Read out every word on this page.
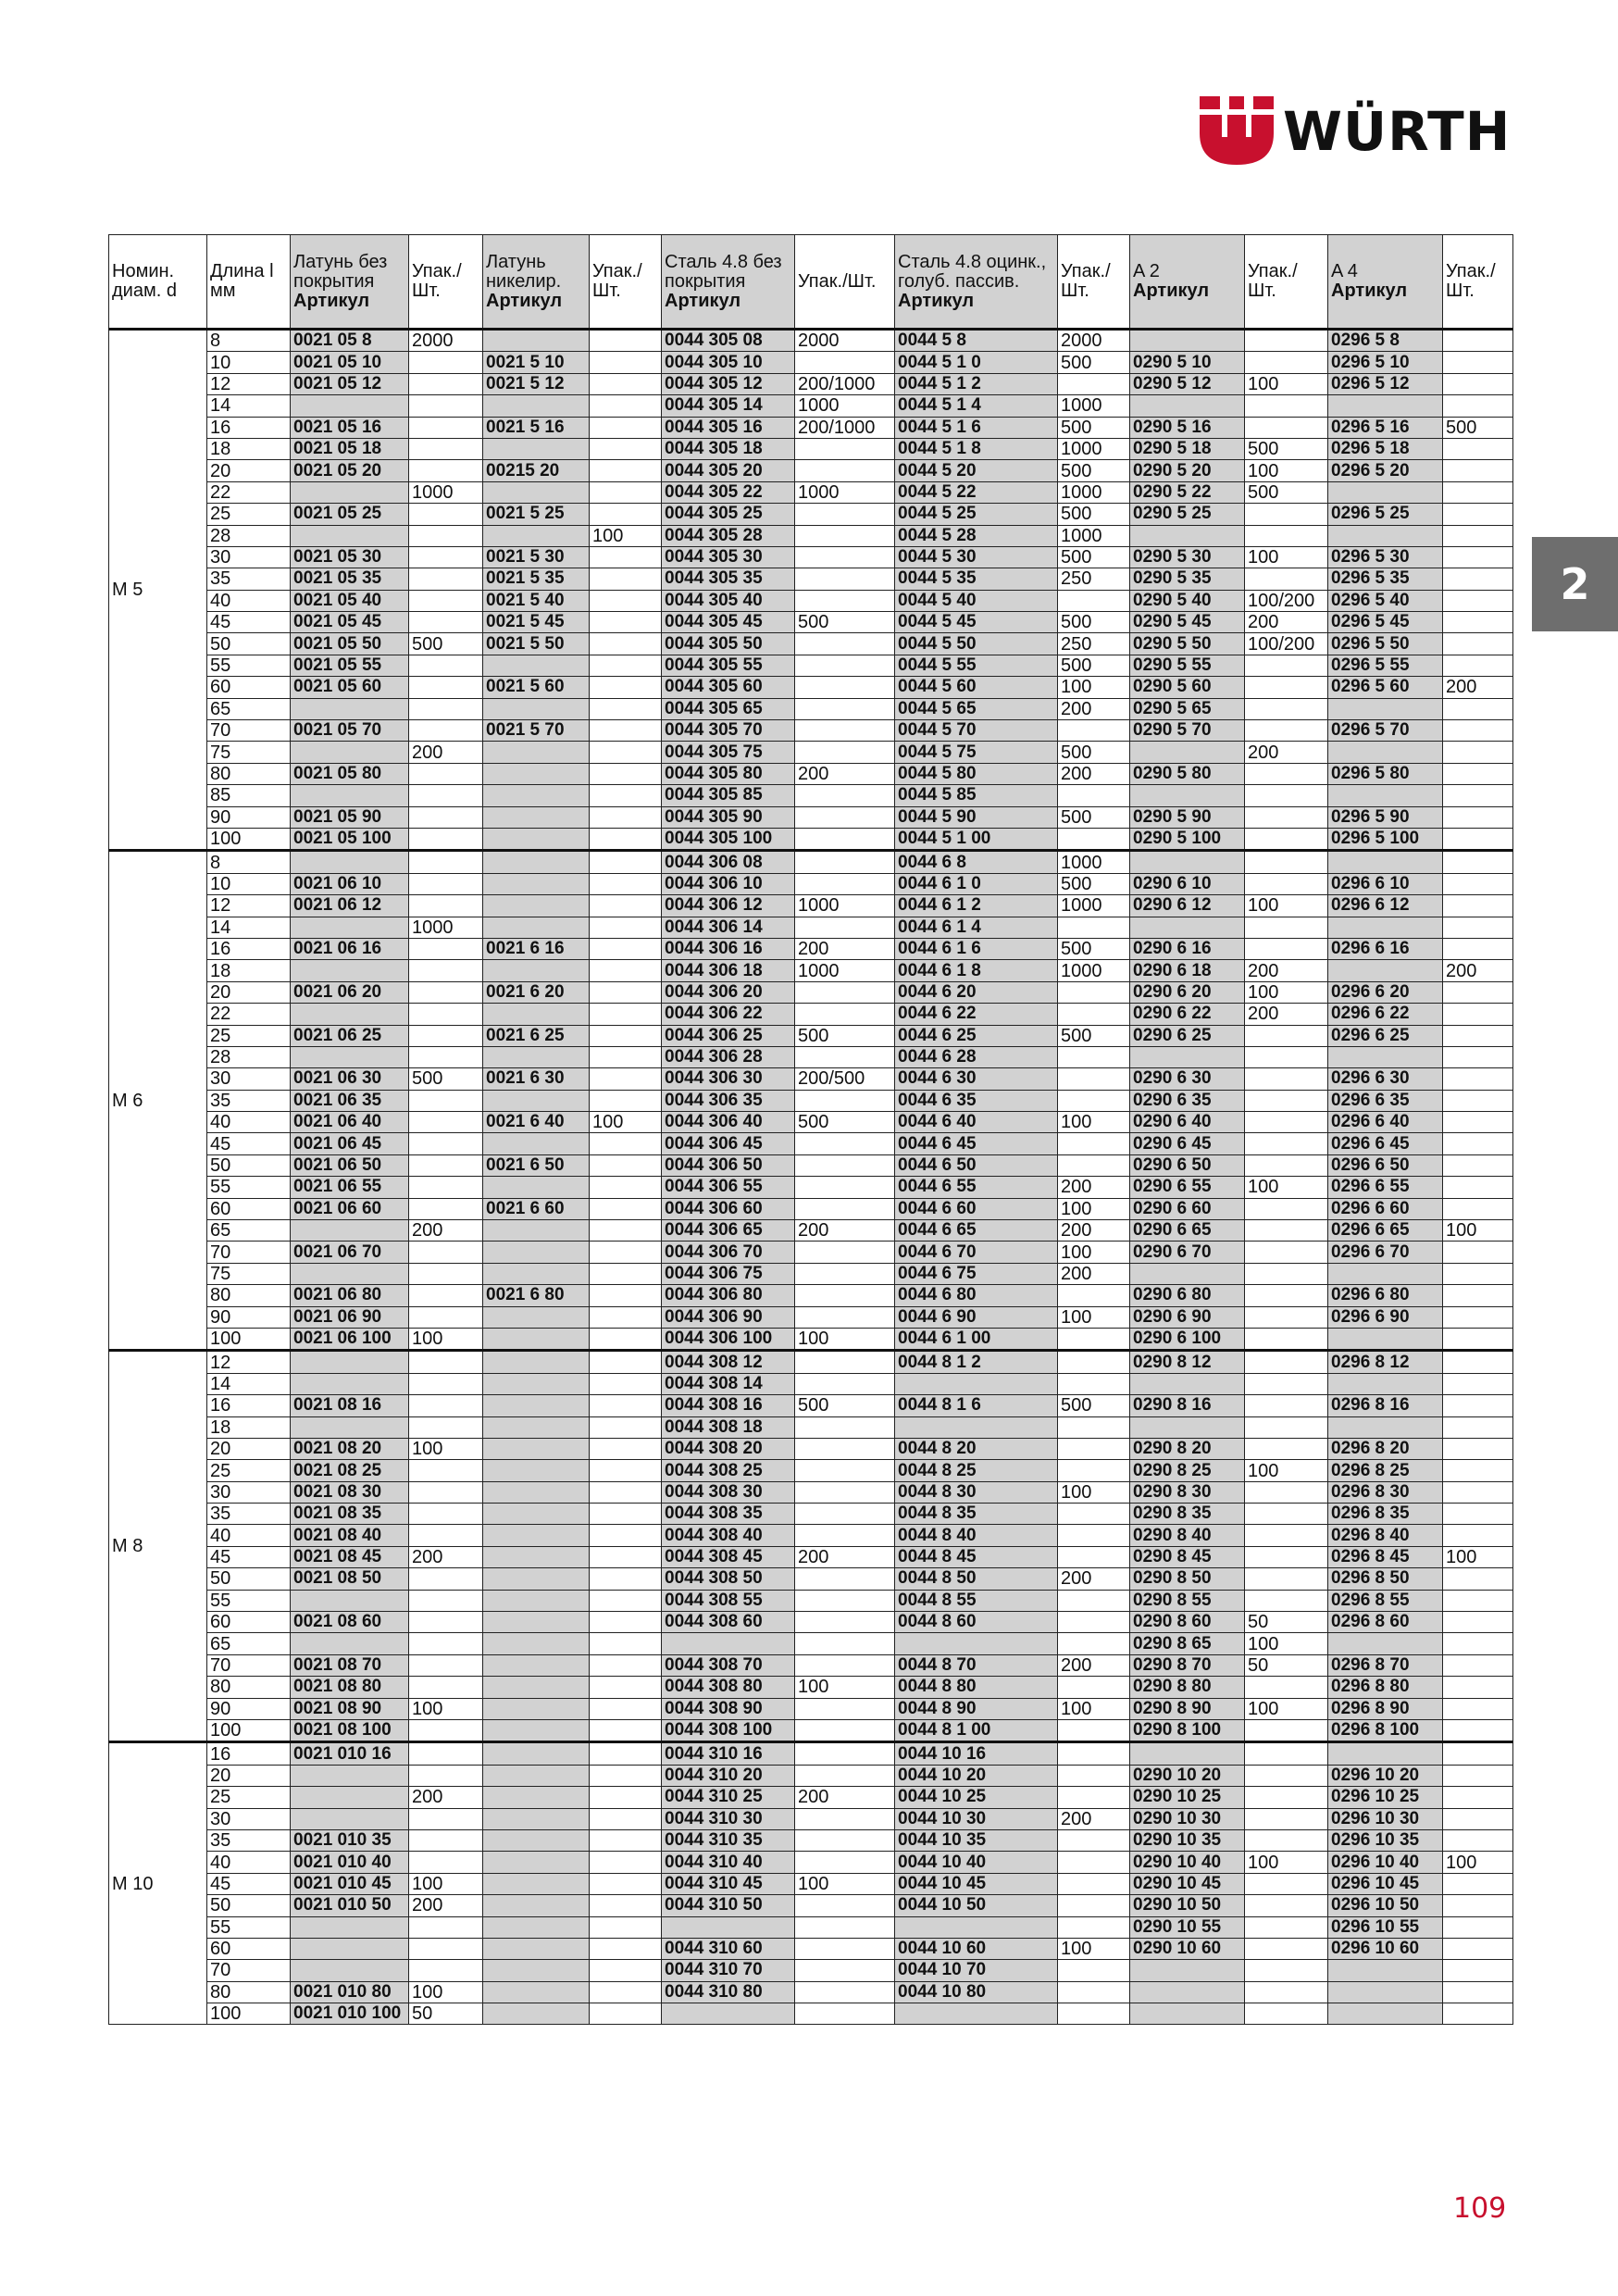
WÜRTH
2
Номин. диам. d	Длина l мм	Латунь без покрытия
Артикул	Упак./ Шт.	Латунь никелир.
Артикул	Упак./ Шт.	Сталь 4.8 без покрытия
Артикул	Упак./Шт.	Сталь 4.8 оцинк., голуб. пассив.
Артикул	Упак./ Шт.	A 2
Артикул	Упак./ Шт.	A 4
Артикул	Упак./ Шт.
M 5	8	0021 05 8	2000			0044 305 08	2000	0044 5 8	2000			0296 5 8	
	10	0021 05 10		0021 5 10		0044 305 10		0044 5 1 0	500	0290 5 10		0296 5 10	
	12	0021 05 12		0021 5 12		0044 305 12	200/1000	0044 5 1 2		0290 5 12	100	0296 5 12	
	14					0044 305 14	1000	0044 5 1 4	1000				
	16	0021 05 16		0021 5 16		0044 305 16	200/1000	0044 5 1 6	500	0290 5 16		0296 5 16	500
	18	0021 05 18				0044 305 18		0044 5 1 8	1000	0290 5 18	500	0296 5 18	
	20	0021 05 20		00215 20		0044 305 20		0044 5 20	500	0290 5 20	100	0296 5 20	
	22		1000			0044 305 22	1000	0044 5 22	1000	0290 5 22	500		
	25	0021 05 25		0021 5 25		0044 305 25		0044 5 25	500	0290 5 25		0296 5 25	
	28				100	0044 305 28		0044 5 28	1000				
	30	0021 05 30		0021 5 30		0044 305 30		0044 5 30	500	0290 5 30	100	0296 5 30	
	35	0021 05 35		0021 5 35		0044 305 35		0044 5 35	250	0290 5 35		0296 5 35	
	40	0021 05 40		0021 5 40		0044 305 40		0044 5 40		0290 5 40	100/200	0296 5 40	
	45	0021 05 45		0021 5 45		0044 305 45	500	0044 5 45	500	0290 5 45	200	0296 5 45	
	50	0021 05 50	500	0021 5 50		0044 305 50		0044 5 50	250	0290 5 50	100/200	0296 5 50	
	55	0021 05 55				0044 305 55		0044 5 55	500	0290 5 55		0296 5 55	
	60	0021 05 60		0021 5 60		0044 305 60		0044 5 60	100	0290 5 60		0296 5 60	200
	65					0044 305 65		0044 5 65	200	0290 5 65			
	70	0021 05 70		0021 5 70		0044 305 70		0044 5 70		0290 5 70		0296 5 70	
	75		200			0044 305 75		0044 5 75	500		200		
	80	0021 05 80				0044 305 80	200	0044 5 80	200	0290 5 80		0296 5 80	
	85					0044 305 85		0044 5 85					
	90	0021 05 90				0044 305 90		0044 5 90	500	0290 5 90		0296 5 90	
	100	0021 05 100				0044 305 100		0044 5 1 00		0290 5 100		0296 5 100	
M 6	8					0044 306 08		0044 6 8	1000				
	10	0021 06 10				0044 306 10		0044 6 1 0	500	0290 6 10		0296 6 10	
	12	0021 06 12				0044 306 12	1000	0044 6 1 2	1000	0290 6 12	100	0296 6 12	
	14		1000			0044 306 14		0044 6 1 4					
	16	0021 06 16		0021 6 16		0044 306 16	200	0044 6 1 6	500	0290 6 16		0296 6 16	
	18					0044 306 18	1000	0044 6 1 8	1000	0290 6 18	200		200
	20	0021 06 20		0021 6 20		0044 306 20		0044 6 20		0290 6 20	100	0296 6 20	
	22					0044 306 22		0044 6 22		0290 6 22	200	0296 6 22	
	25	0021 06 25		0021 6 25		0044 306 25	500	0044 6 25	500	0290 6 25		0296 6 25	
	28					0044 306 28		0044 6 28					
	30	0021 06 30	500	0021 6 30		0044 306 30	200/500	0044 6 30		0290 6 30		0296 6 30	
	35	0021 06 35				0044 306 35		0044 6 35		0290 6 35		0296 6 35	
	40	0021 06 40		0021 6 40	100	0044 306 40	500	0044 6 40	100	0290 6 40		0296 6 40	
	45	0021 06 45				0044 306 45		0044 6 45		0290 6 45		0296 6 45	
	50	0021 06 50		0021 6 50		0044 306 50		0044 6 50		0290 6 50		0296 6 50	
	55	0021 06 55				0044 306 55		0044 6 55	200	0290 6 55	100	0296 6 55	
	60	0021 06 60		0021 6 60		0044 306 60		0044 6 60	100	0290 6 60		0296 6 60	
	65		200			0044 306 65	200	0044 6 65	200	0290 6 65		0296 6 65	100
	70	0021 06 70				0044 306 70		0044 6 70	100	0290 6 70		0296 6 70	
	75					0044 306 75		0044 6 75	200				
	80	0021 06 80		0021 6 80		0044 306 80		0044 6 80		0290 6 80		0296 6 80	
	90	0021 06 90				0044 306 90		0044 6 90	100	0290 6 90		0296 6 90	
	100	0021 06 100	100			0044 306 100	100	0044 6 1 00		0290 6 100			
M 8	12					0044 308 12		0044 8 1 2		0290 8 12		0296 8 12	
	14					0044 308 14							
	16	0021 08 16				0044 308 16	500	0044 8 1 6	500	0290 8 16		0296 8 16	
	18					0044 308 18							
	20	0021 08 20	100			0044 308 20		0044 8 20		0290 8 20		0296 8 20	
	25	0021 08 25				0044 308 25		0044 8 25		0290 8 25	100	0296 8 25	
	30	0021 08 30				0044 308 30		0044 8 30	100	0290 8 30		0296 8 30	
	35	0021 08 35				0044 308 35		0044 8 35		0290 8 35		0296 8 35	
	40	0021 08 40				0044 308 40		0044 8 40		0290 8 40		0296 8 40	
	45	0021 08 45	200			0044 308 45	200	0044 8 45		0290 8 45		0296 8 45	100
	50	0021 08 50				0044 308 50		0044 8 50	200	0290 8 50		0296 8 50	
	55					0044 308 55		0044 8 55		0290 8 55		0296 8 55	
	60	0021 08 60				0044 308 60		0044 8 60		0290 8 60	50	0296 8 60	
	65									0290 8 65	100		
	70	0021 08 70				0044 308 70		0044 8 70	200	0290 8 70	50	0296 8 70	
	80	0021 08 80				0044 308 80	100	0044 8 80		0290 8 80		0296 8 80	
	90	0021 08 90	100			0044 308 90		0044 8 90	100	0290 8 90	100	0296 8 90	
	100	0021 08 100				0044 308 100		0044 8 1 00		0290 8 100		0296 8 100	
M 10	16	0021 010 16				0044 310 16		0044 10 16					
	20					0044 310 20		0044 10 20		0290 10 20		0296 10 20	
	25		200			0044 310 25	200	0044 10 25		0290 10 25		0296 10 25	
	30					0044 310 30		0044 10 30	200	0290 10 30		0296 10 30	
	35	0021 010 35				0044 310 35		0044 10 35		0290 10 35		0296 10 35	
	40	0021 010 40				0044 310 40		0044 10 40		0290 10 40	100	0296 10 40	100
	45	0021 010 45	100			0044 310 45	100	0044 10 45		0290 10 45		0296 10 45	
	50	0021 010 50	200			0044 310 50		0044 10 50		0290 10 50		0296 10 50	
	55									0290 10 55		0296 10 55	
	60					0044 310 60		0044 10 60	100	0290 10 60		0296 10 60	
	70					0044 310 70		0044 10 70					
	80	0021 010 80	100			0044 310 80		0044 10 80					
	100	0021 010 100	50										
109
